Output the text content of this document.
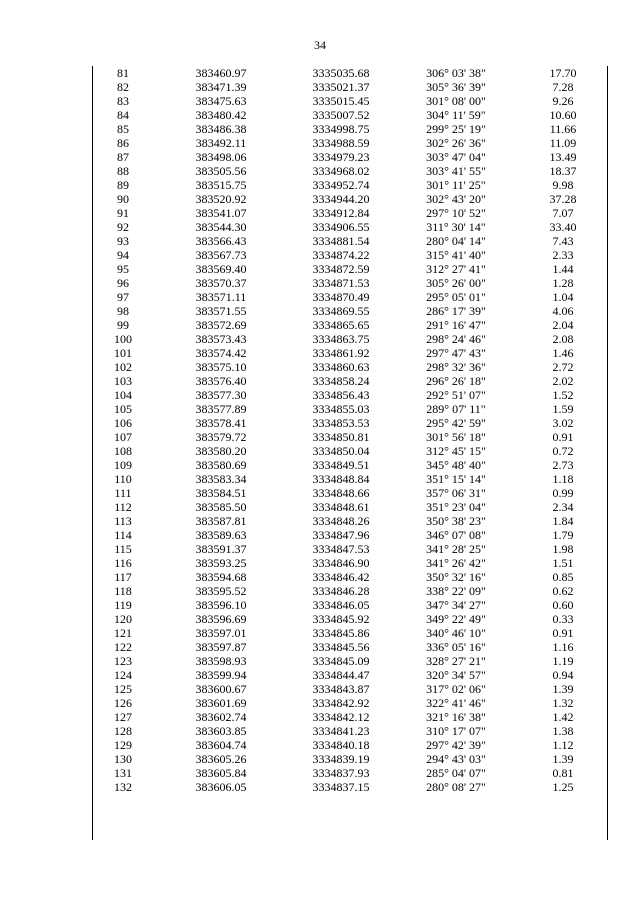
34
81	383460.97	3335035.68	306° 03' 38"	17.70
82	383471.39	3335021.37	305° 36' 39"	7.28
83	383475.63	3335015.45	301° 08' 00"	9.26
84	383480.42	3335007.52	304° 11' 59"	10.60
85	383486.38	3334998.75	299° 25' 19"	11.66
86	383492.11	3334988.59	302° 26' 36"	11.09
87	383498.06	3334979.23	303° 47' 04"	13.49
88	383505.56	3334968.02	303° 41' 55"	18.37
89	383515.75	3334952.74	301° 11' 25"	9.98
90	383520.92	3334944.20	302° 43' 20"	37.28
91	383541.07	3334912.84	297° 10' 52"	7.07
92	383544.30	3334906.55	311° 30' 14"	33.40
93	383566.43	3334881.54	280° 04' 14"	7.43
94	383567.73	3334874.22	315° 41' 40"	2.33
95	383569.40	3334872.59	312° 27' 41"	1.44
96	383570.37	3334871.53	305° 26' 00"	1.28
97	383571.11	3334870.49	295° 05' 01"	1.04
98	383571.55	3334869.55	286° 17' 39"	4.06
99	383572.69	3334865.65	291° 16' 47"	2.04
100	383573.43	3334863.75	298° 24' 46"	2.08
101	383574.42	3334861.92	297° 47' 43"	1.46
102	383575.10	3334860.63	298° 32' 36"	2.72
103	383576.40	3334858.24	296° 26' 18"	2.02
104	383577.30	3334856.43	292° 51' 07"	1.52
105	383577.89	3334855.03	289° 07' 11"	1.59
106	383578.41	3334853.53	295° 42' 59"	3.02
107	383579.72	3334850.81	301° 56' 18"	0.91
108	383580.20	3334850.04	312° 45' 15"	0.72
109	383580.69	3334849.51	345° 48' 40"	2.73
110	383583.34	3334848.84	351° 15' 14"	1.18
111	383584.51	3334848.66	357° 06' 31"	0.99
112	383585.50	3334848.61	351° 23' 04"	2.34
113	383587.81	3334848.26	350° 38' 23"	1.84
114	383589.63	3334847.96	346° 07' 08"	1.79
115	383591.37	3334847.53	341° 28' 25"	1.98
116	383593.25	3334846.90	341° 26' 42"	1.51
117	383594.68	3334846.42	350° 32' 16"	0.85
118	383595.52	3334846.28	338° 22' 09"	0.62
119	383596.10	3334846.05	347° 34' 27"	0.60
120	383596.69	3334845.92	349° 22' 49"	0.33
121	383597.01	3334845.86	340° 46' 10"	0.91
122	383597.87	3334845.56	336° 05' 16"	1.16
123	383598.93	3334845.09	328° 27' 21"	1.19
124	383599.94	3334844.47	320° 34' 57"	0.94
125	383600.67	3334843.87	317° 02' 06"	1.39
126	383601.69	3334842.92	322° 41' 46"	1.32
127	383602.74	3334842.12	321° 16' 38"	1.42
128	383603.85	3334841.23	310° 17' 07"	1.38
129	383604.74	3334840.18	297° 42' 39"	1.12
130	383605.26	3334839.19	294° 43' 03"	1.39
131	383605.84	3334837.93	285° 04' 07"	0.81
132	383606.05	3334837.15	280° 08' 27"	1.25
